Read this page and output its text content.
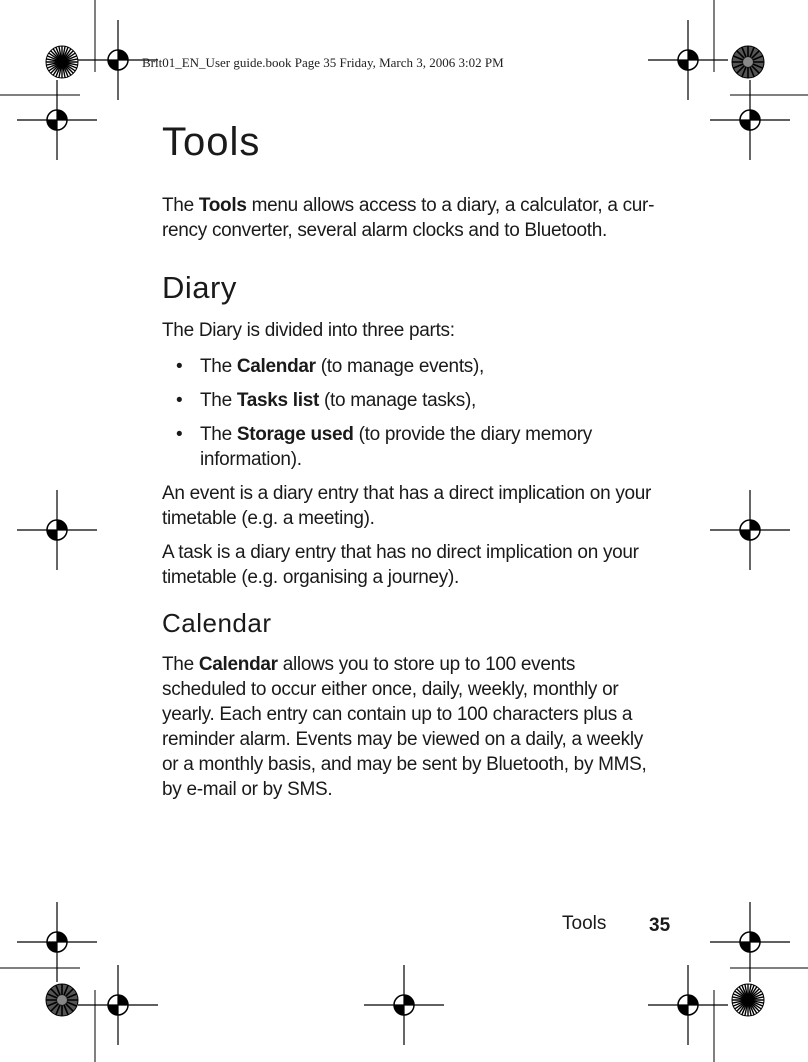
Brit01_EN_User guide.book Page 35 Friday, March 3, 2006 3:02 PM
Tools

The Tools menu allows access to a diary, a calculator, a cur-
rency converter, several alarm clocks and to Bluetooth.

Diary

The Diary is divided into three parts:

• The Calendar (to manage events),
• The Tasks list (to manage tasks),
• The Storage used (to provide the diary memory
information).

An event is a diary entry that has a direct implication on your
timetable (e.g. a meeting).

A task is a diary entry that has no direct implication on your
timetable (e.g. organising a journey).

Calendar

The Calendar allows you to store up to 100 events
scheduled to occur either once, daily, weekly, monthly or
yearly. Each entry can contain up to 100 characters plus a
reminder alarm. Events may be viewed on a daily, a weekly
or a monthly basis, and may be sent by Bluetooth, by MMS,
by e-mail or by SMS.

Tools 35
